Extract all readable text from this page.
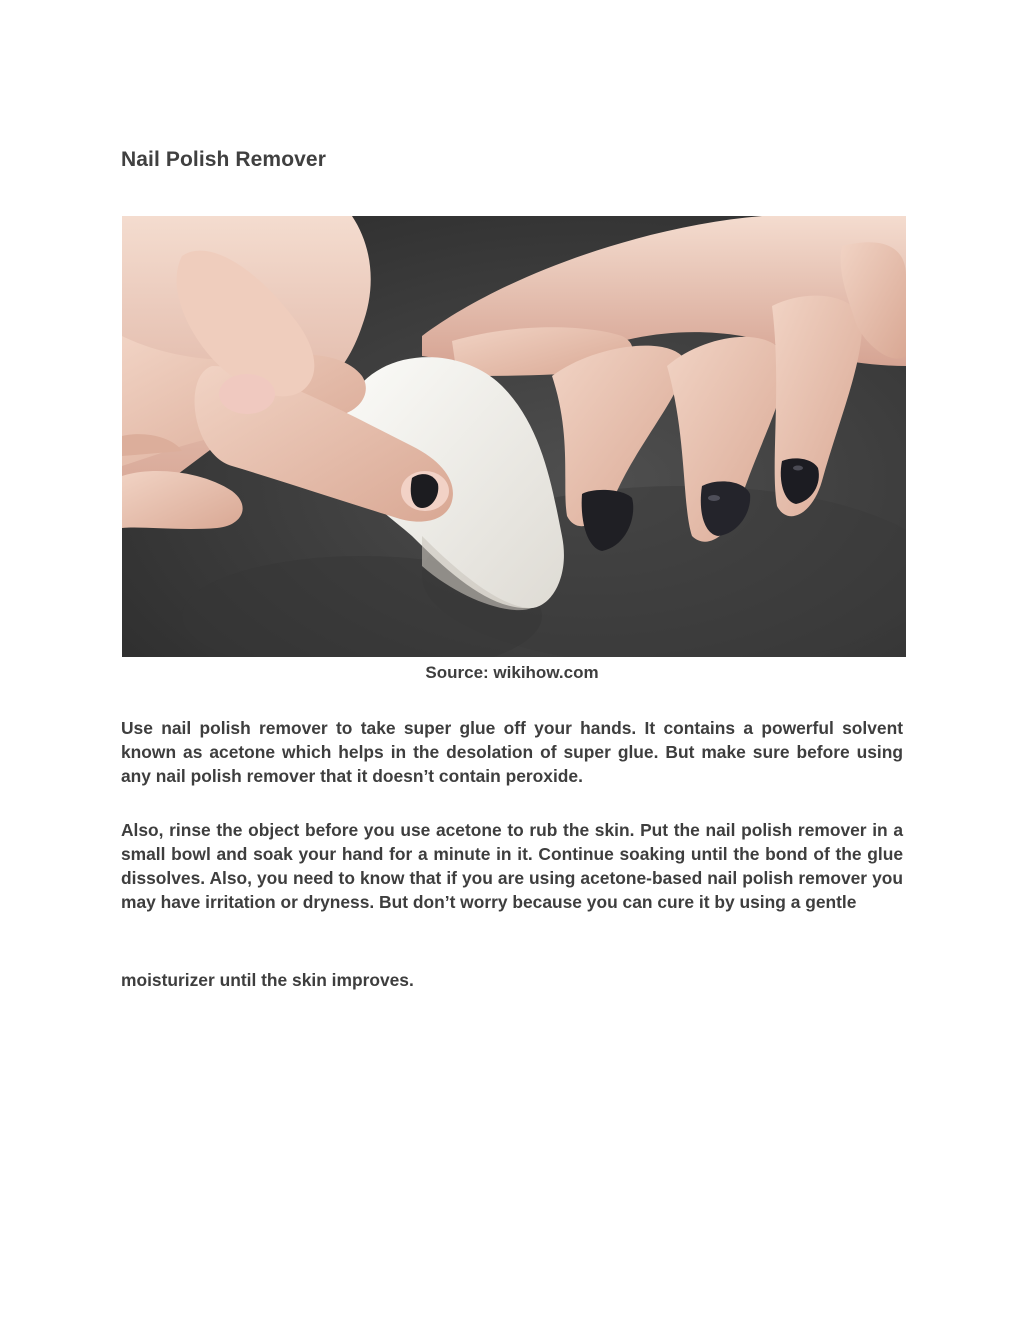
Nail Polish Remover
Source: wikihow.com

Use nail polish remover to take super glue off your hands. It contains a powerful solvent known as acetone which helps in the desolation of super glue. But make sure before using any nail polish remover that it doesn’t contain peroxide.

Also, rinse the object before you use acetone to rub the skin. Put the nail polish remover in a small bowl and soak your hand for a minute in it. Continue soaking until the bond of the glue dissolves. Also, you need to know that if you are using acetone-based nail polish remover you may have irritation or dryness. But don’t worry because you can cure it by using a gentle

moisturizer until the skin improves.
